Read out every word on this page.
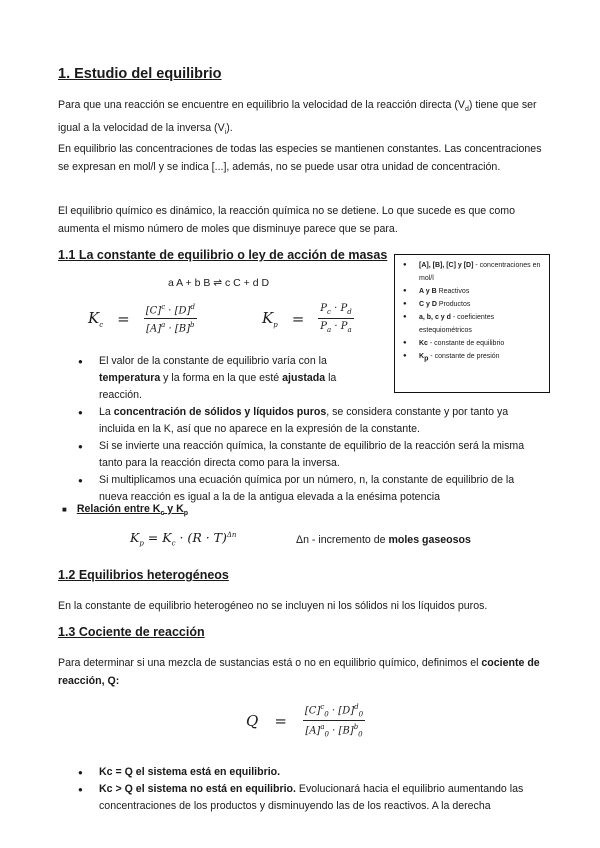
1. Estudio del equilibrio

Para que una reacción se encuentre en equilibrio la velocidad de la reacción directa $(V_d)$ tiene que ser igual a la velocidad de la inversa $(V_i)$.

En equilibrio las concentraciones de todas las especies se mantienen constantes. Las concentraciones se expresan en mol/l y se indica [...], además, no se puede usar otra unidad de concentración.

El equilibrio químico es dinámico, la reacción química no se detiene. Lo que sucede es que como aumenta el mismo número de moles que disminuye parece que se para.

1.1 La constante de equilibrio o ley de acción de masas
a A + b B ⇌ c C + d D
$K_c = \frac{[C]^c \cdot [D]^d}{[A]^a \cdot [B]^b}$	$K_p = \frac{P_c \cdot P_d}{P_a \cdot P_a}$
● [A], [B], [C] y [D] - concentraciones en mol/l
● A y B Reactivos
● C y D Productos
● a, b, c y d - coeficientes estequiométricos
● Kc - constante de equilibrio
● $K_p$ - constante de presión
● El valor de la constante de equilibrio varía con la temperatura y la forma en la que esté ajustada la reacción.
● La concentración de sólidos y líquidos puros, se considera constante y por tanto ya incluida en la K, así que no aparece en la expresión de la constante.
● Si se invierte una reacción química, la constante de equilibrio de la reacción será la misma tanto para la reacción directa como para la inversa.
● Si multiplicamos una ecuación química por un número, n, la constante de equilibrio de la nueva reacción es igual a la de la antigua elevada a la enésima potencia
■ Relación entre $K_c$ y $K_p$
$K_p = K_c \cdot (R \cdot T)^{\Delta n}$	Δn - incremento de moles gaseosos
1.2 Equilibrios heterogéneos

En la constante de equilibrio heterogéneo no se incluyen ni los sólidos ni los líquidos puros.

1.3 Cociente de reacción

Para determinar si una mezcla de sustancias está o no en equilibrio químico, definimos el cociente de reacción, Q:

$Q = \frac{[C]^c_0 \cdot [D]^d_0}{[A]^a_0 \cdot [B]^b_0}$
● Kc = Q el sistema está en equilibrio.
● Kc > Q el sistema no está en equilibrio. Evolucionará hacia el equilibrio aumentando las concentraciones de los productos y disminuyendo las de los reactivos. A la derecha
